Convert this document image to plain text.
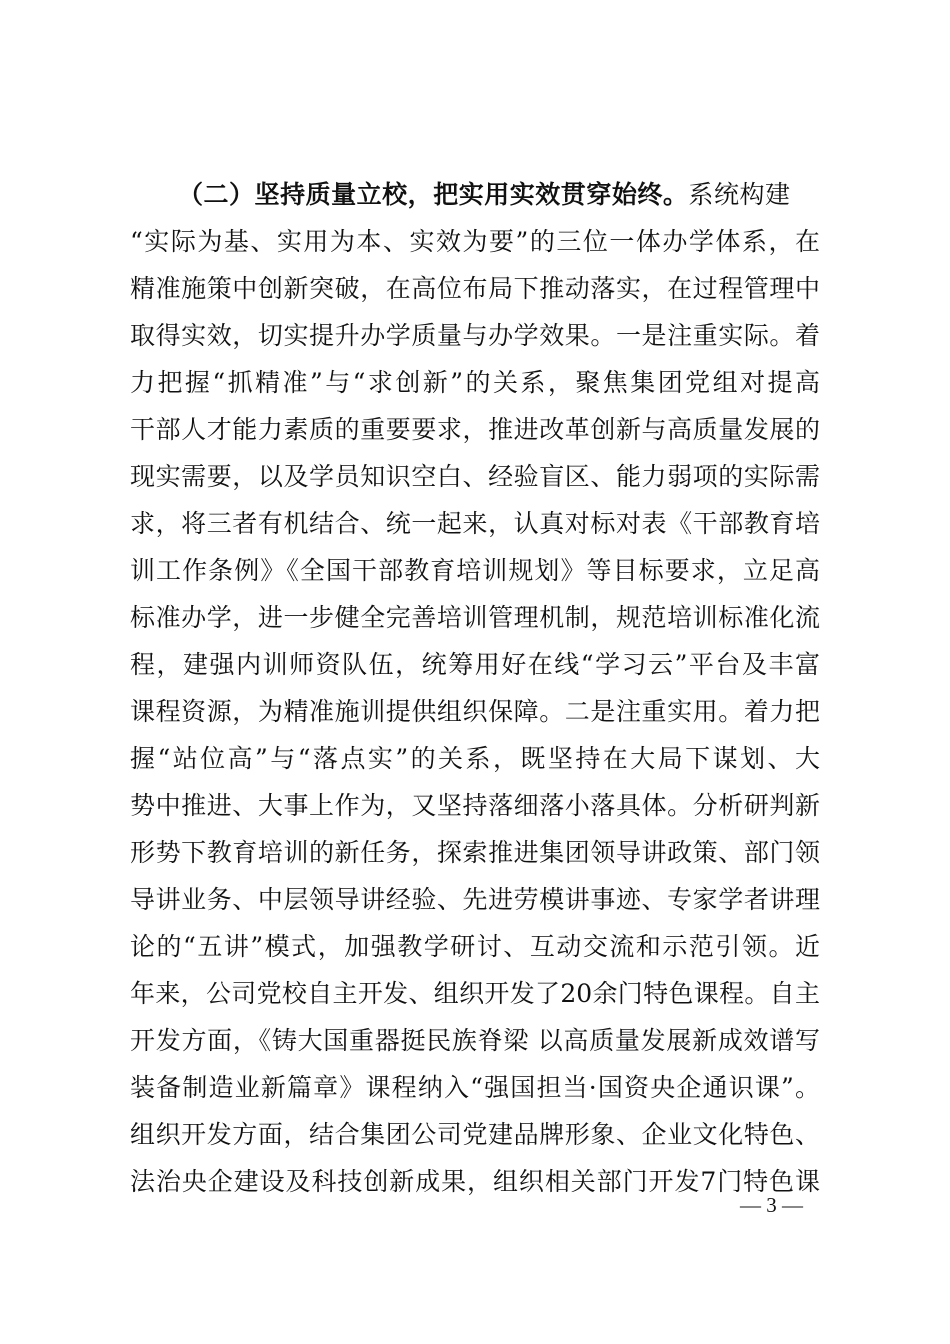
（二）坚持质量立校，把实用实效贯穿始终。系统构建
“实际为基、实用为本、实效为要”的三位一体办学体系，在
精准施策中创新突破，在高位布局下推动落实，在过程管理中
取得实效，切实提升办学质量与办学效果。一是注重实际。着
力把握“抓精准”与“求创新”的关系，聚焦集团党组对提高
干部人才能力素质的重要要求，推进改革创新与高质量发展的
现实需要，以及学员知识空白、经验盲区、能力弱项的实际需
求，将三者有机结合、统一起来，认真对标对表《干部教育培
训工作条例》《全国干部教育培训规划》等目标要求，立足高
标准办学，进一步健全完善培训管理机制，规范培训标准化流
程，建强内训师资队伍，统筹用好在线“学习云”平台及丰富
课程资源，为精准施训提供组织保障。二是注重实用。着力把
握“站位高”与“落点实”的关系，既坚持在大局下谋划、大
势中推进、大事上作为，又坚持落细落小落具体。分析研判新
形势下教育培训的新任务，探索推进集团领导讲政策、部门领
导讲业务、中层领导讲经验、先进劳模讲事迹、专家学者讲理
论的“五讲”模式，加强教学研讨、互动交流和示范引领。近
年来，公司党校自主开发、组织开发了20余门特色课程。自主
开发方面，《铸大国重器挺民族脊梁 以高质量发展新成效谱写
装备制造业新篇章》课程纳入“强国担当·国资央企通识课”。
组织开发方面，结合集团公司党建品牌形象、企业文化特色、
法治央企建设及科技创新成果，组织相关部门开发7门特色课
— 3 —
